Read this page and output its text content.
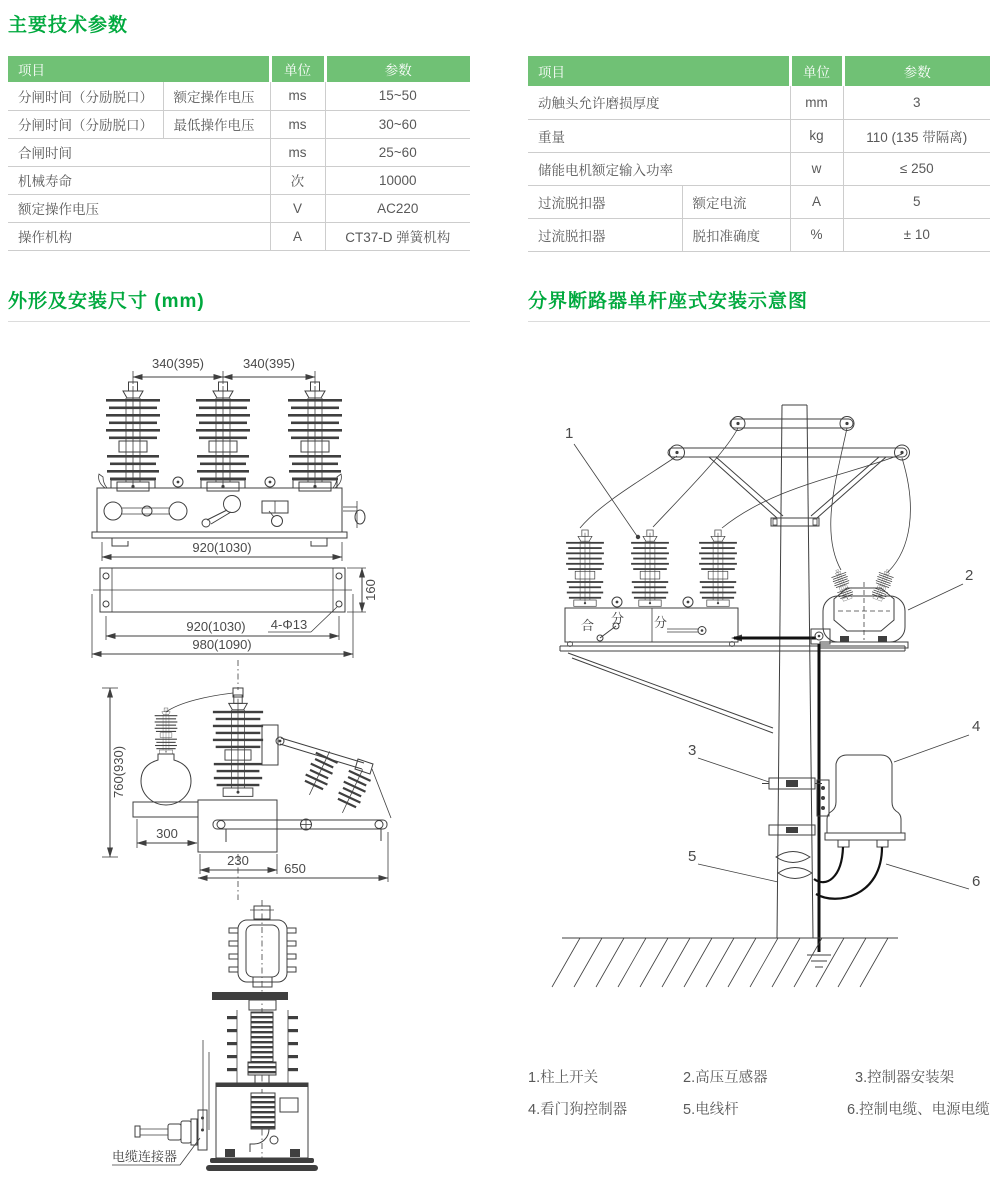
主要技术参数
项目		单位	参数
分闸时间（分励脱口）	额定操作电压	ms	15~50
分闸时间（分励脱口）	最低操作电压	ms	30~60
合闸时间		ms	25~60
机械寿命		次	10000
额定操作电压		V	AC220
操作机构		A	CT37-D 弹簧机构
项目		单位	参数
动触头允许磨损厚度		mm	3
重量		kg	110 (135 带隔离)
储能电机额定输入功率		w	≤ 250
过流脱扣器	额定电流	A	5
过流脱扣器	脱扣准确度	%	± 10
外形及安装尺寸 (mm)	分界断路器单杆座式安装示意图
340(395)	340(395)
920(1030)
160
920(1030) 4-Φ13
980(1090)
760(930)
300
230
650
电缆连接器
合 分 分
1
2
3
4
5
6
1.柱上开关	2.高压互感器	3.控制器安装架
4.看门狗控制器	5.电线杆	6.控制电缆、电源电缆
